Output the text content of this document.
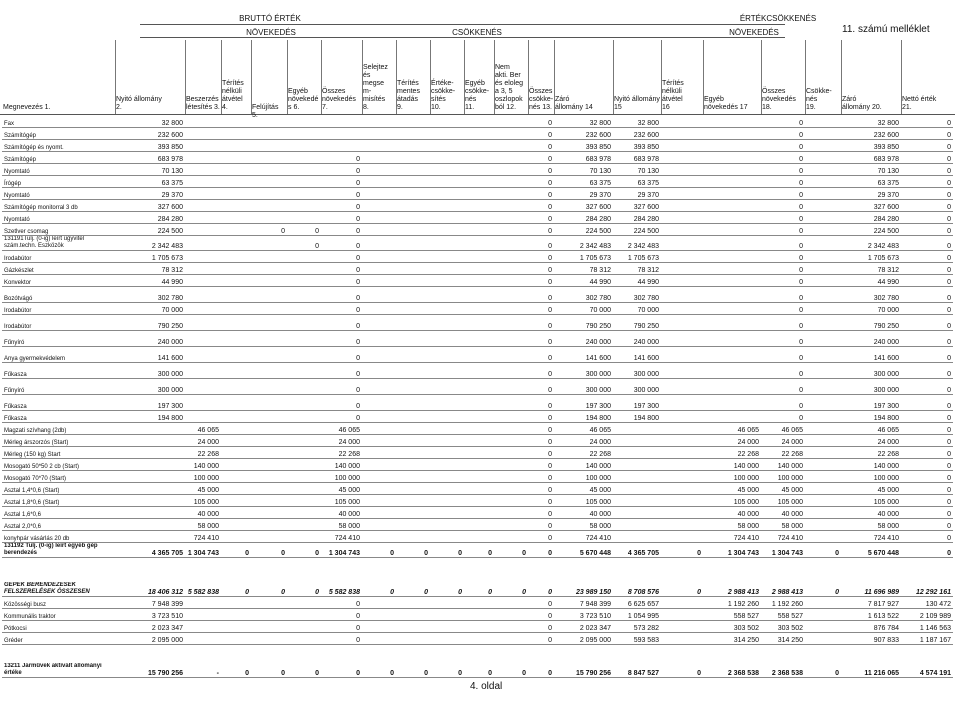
BRUTTÓ ÉRTÉK	ÉRTÉKCSÖKKENÉS
NÖVEKEDÉS	CSÖKKENÉS	NÖVEKEDÉS	11. számú melléklet
Megnevezés 1.
Nyitó állomány
2.
Beszerzés
létesítés 3.
Térítés
nélküli
átvétel
4.	Felújítás 5.
Egyéb
növekedé
s 6.
Összes
növekedés
7.
Selejtez
és
megse
m-
misítés
8.
Térítés
mentes
átadás
9.
Értéke-
csökke-
sítés
10.
Egyéb
csökke-
nés
11.
Nem
akti. Ber
és eloleg
a 3, 5
oszlopok
ból 12.
Összes
csökke-
nés 13.
Záró
állomány 14
Nyitó állomány
15
Térítés
nélküli
átvétel
16
Egyéb
növekedés 17
Összes
növekedés
18.
Csökke-
nés
19.
Záró
állomány 20.
Nettó érték
21.
Fax	32 800											0	32 800	32 800			0		32 800	0
Számítógép	232 600											0	232 600	232 600			0		232 600	0
Számítógép és nyomt.	393 850											0	393 850	393 850			0		393 850	0
Számítógép	683 978					0						0	683 978	683 978			0		683 978	0
Nyomtató	70 130					0						0	70 130	70 130			0		70 130	0
Írógép	63 375					0						0	63 375	63 375			0		63 375	0
Nyomtató	29 370					0						0	29 370	29 370			0		29 370	0
Számítógép monitorral 3 db	327 600					0						0	327 600	327 600			0		327 600	0
Nyomtató	284 280					0						0	284 280	284 280			0		284 280	0
Szetlver csomag	224 500			0	0	0						0	224 500	224 500			0		224 500	0
131191Tulj. (0-ig) leírt ügyvitel szám.techn. Eszközök	2 342 483				0	0						0	2 342 483	2 342 483			0		2 342 483	0
Irodabútor	1 705 673					0						0	1 705 673	1 705 673			0		1 705 673	0
Gázkészlet	78 312					0						0	78 312	78 312			0		78 312	0
Konvektor	44 990					0						0	44 990	44 990			0		44 990	0

Bozótvágó	302 780					0						0	302 780	302 780			0		302 780	0
Irodabútor	70 000					0						0	70 000	70 000			0		70 000	0

Irodabútor	790 250					0						0	790 250	790 250			0		790 250	0

Fűnyíró	240 000					0						0	240 000	240 000			0		240 000	0

Anya gyermekvédelem	141 600					0						0	141 600	141 600			0		141 600	0

Fűkasza	300 000					0						0	300 000	300 000			0		300 000	0

Fűnyíró	300 000					0						0	300 000	300 000			0		300 000	0

Fűkasza	197 300					0						0	197 300	197 300			0		197 300	0
Fűkasza	194 800					0						0	194 800	194 800			0		194 800	0
Magzati szívhang (2db)		46 065				46 065						0	46 065			46 065	46 065		46 065	0
Mérleg árszorzós (Start)		24 000				24 000						0	24 000			24 000	24 000		24 000	0
Mérleg (150 kg) Start		22 268				22 268						0	22 268			22 268	22 268		22 268	0
Mosogató 50*50 2 cb (Start)		140 000				140 000						0	140 000			140 000	140 000		140 000	0
Mosogató 70*70 (Start)		100 000				100 000						0	100 000			100 000	100 000		100 000	0
Asztal 1,4*0,6 (Start)		45 000				45 000						0	45 000			45 000	45 000		45 000	0
Asztal 1,8*0,6 (Start)		105 000				105 000						0	105 000			105 000	105 000		105 000	0
Asztal 1,6*0,6		40 000				40 000						0	40 000			40 000	40 000		40 000	0
Asztal 2,0*0,6		58 000				58 000						0	58 000			58 000	58 000		58 000	0
konyhpár vásárlás 20 db		724 410				724 410						0	724 410			724 410	724 410		724 410	0
131192 Tulj. (0-ig) leírt egyéb gép berendezés	4 365 705	1 304 743	0	0	0	1 304 743	0	0	0	0	0	0	5 670 448	4 365 705	0	1 304 743	1 304 743	0	5 670 448	0

GÉPEK BERENDEZÉSEK FELSZERELÉSEK ÖSSZESEN	18 406 312	5 582 838	0	0	0	5 582 838	0	0	0	0	0	0	23 989 150	8 708 576	0	2 988 413	2 988 413	0	11 696 989	12 292 161
Közösségi busz	7 948 399					0						0	7 948 399	6 625 657		1 192 260	1 192 260		7 817 927	130 472
Kommunális traktor	3 723 510					0						0	3 723 510	1 054 995		558 527	558 527		1 613 522	2 109 989
Pótkocsi	2 023 347					0						0	2 023 347	573 282		303 502	303 502		876 784	1 146 563
Gréder	2 095 000					0						0	2 095 000	593 583		314 250	314 250		907 833	1 187 167

13211 Járművek aktivált állományi értéke	15 790 256	-	0	0	0	0	0	0	0	0	0	0	15 790 256	8 847 527	0	2 368 538	2 368 538	0	11 216 065	4 574 191
4. oldal
